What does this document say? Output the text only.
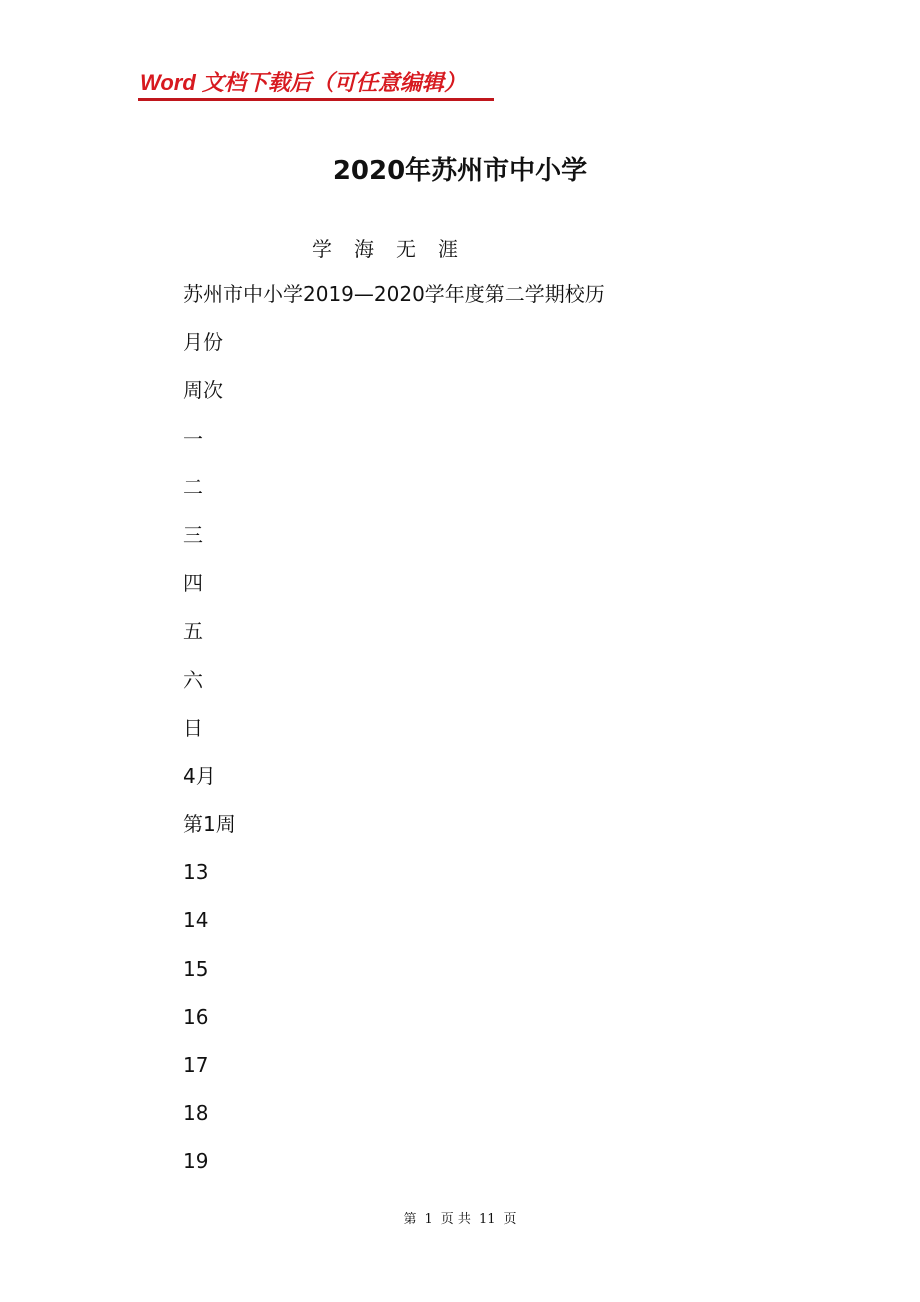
Word 文档下载后（可任意编辑）
2020年苏州市中小学
学海无涯
苏州市中小学2019—2020学年度第二学期校历
月份
周次
一
二
三
四
五
六
日
4月
第1周
13
14
15
16
17
18
19
第 1 页 共 11 页
